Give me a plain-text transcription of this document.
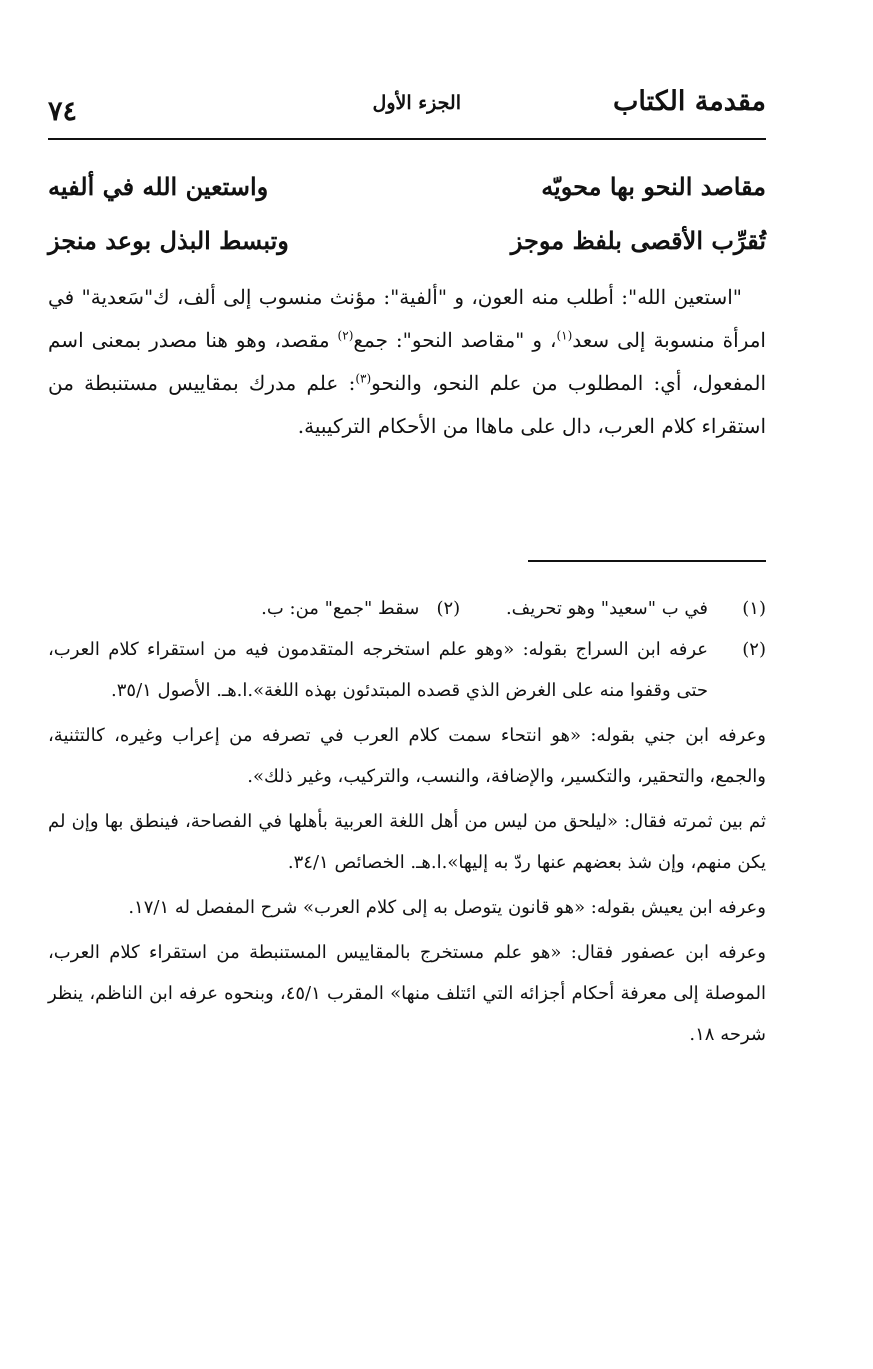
مقدمة الكتاب
الجزء الأول
٧٤
مقاصد النحو بها محويّه
واستعين الله في ألفيه
تُقرِّب الأقصى بلفظ موجز
وتبسط البذل بوعد منجز

"استعين الله": أطلب منه العون، و "ألفية": مؤنث منسوب إلى ألف، ك"سَعدية" في امرأة منسوبة إلى سعد$^{(١)}$، و "مقاصد النحو": جمع$^{(٢)}$ مقصد، وهو هنا مصدر بمعنى اسم المفعول، أي: المطلوب من علم النحو، والنحو$^{(٣)}$: علم مدرك بمقاييس مستنبطة من استقراء كلام العرب، دال على ماهاا من الأحكام التركيبية.

(١)
في ب "سعيد" وهو تحريف. (٢)   سقط "جمع" من: ب.
(٢)
عرفه ابن السراج بقوله: «وهو علم استخرجه المتقدمون فيه من استقراء كلام العرب، حتى وقفوا منه على الغرض الذي قصده المبتدئون بهذه اللغة».ا.هـ. الأصول ٣٥/١.

وعرفه ابن جني بقوله: «هو انتحاء سمت كلام العرب في تصرفه من إعراب وغيره، كالتثنية، والجمع، والتحقير، والتكسير، والإضافة، والنسب، والتركيب، وغير ذلك».

ثم بين ثمرته فقال: «ليلحق من ليس من أهل اللغة العربية بأهلها في الفصاحة، فينطق بها وإن لم يكن منهم، وإن شذ بعضهم عنها ردّ به إليها».ا.هـ. الخصائص ٣٤/١.

وعرفه ابن يعيش بقوله: «هو قانون يتوصل به إلى كلام العرب» شرح المفصل له ١٧/١.

وعرفه ابن عصفور فقال: «هو علم مستخرج بالمقاييس المستنبطة من استقراء كلام العرب، الموصلة إلى معرفة أحكام أجزائه التي ائتلف منها» المقرب ٤٥/١، وبنحوه عرفه ابن الناظم، ينظر شرحه ١٨.
